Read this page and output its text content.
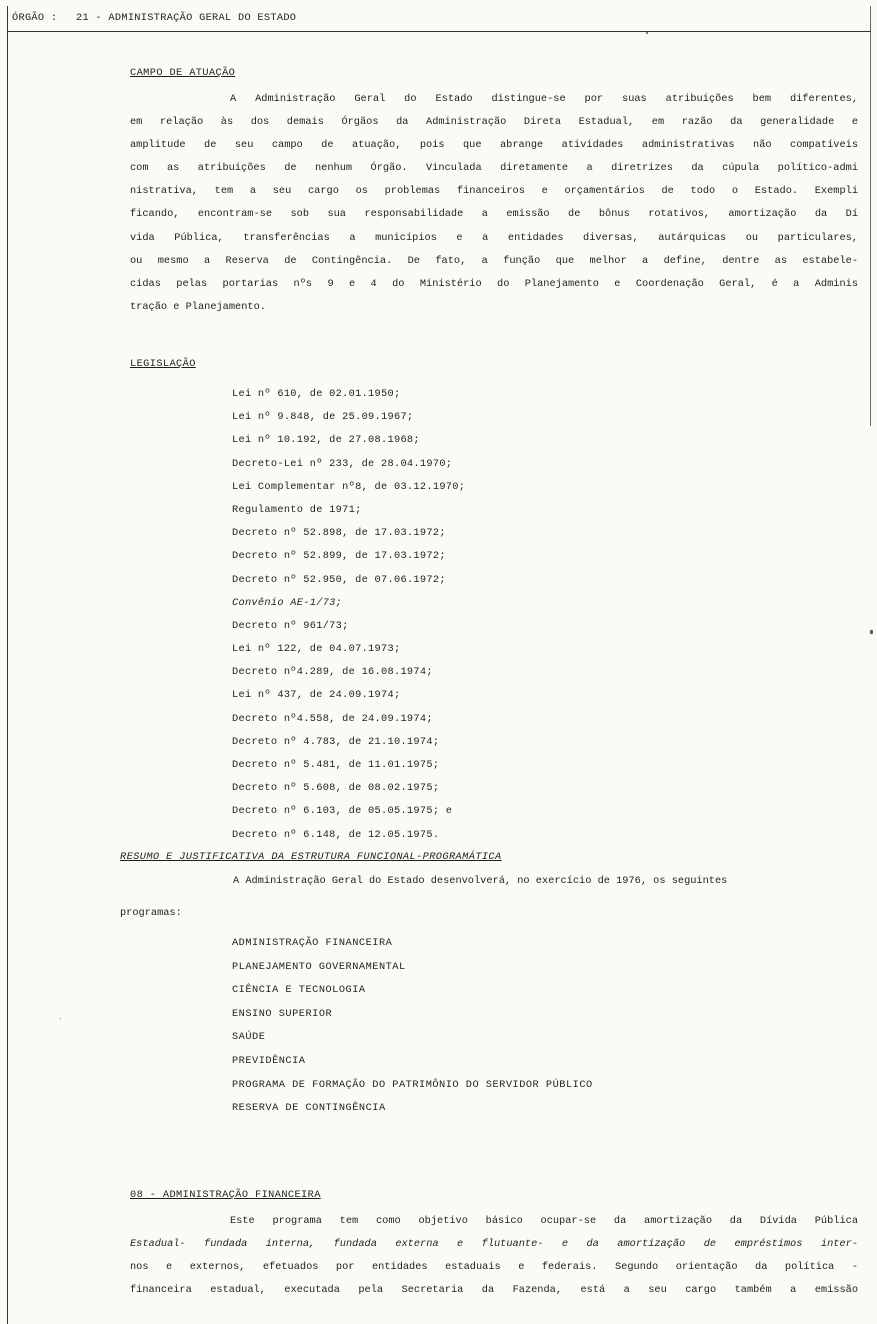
ÓRGÃO : 21 - ADMINISTRAÇÃO GERAL DO ESTADO
CAMPO DE ATUAÇÃO
A Administração Geral do Estado distingue-se por suas atribuições bem diferentes,
em relação às dos demais Órgãos da Administração Direta Estadual, em razão da generalidade e
amplitude de seu campo de atuação, pois que abrange atividades administrativas não compatíveis
com as atribuições de nenhum Órgão. Vinculada diretamente a diretrizes da cúpula político-admi
nistrativa, tem a seu cargo os problemas financeiros e orçamentários de todo o Estado. Exempli
ficando, encontram-se sob sua responsabilidade a emissão de bônus rotativos, amortização da Dí
vida Pública, transferências a municípios e a entidades diversas, autárquicas ou particulares,
ou mesmo a Reserva de Contingência. De fato, a função que melhor a define, dentre as estabele-
cidas pelas portarias nºs 9 e 4 do Ministério do Planejamento e Coordenação Geral, é a Adminis
tração e Planejamento.
LEGISLAÇÃO
Lei nº 610, de 02.01.1950;
Lei nº 9.848, de 25.09.1967;
Lei nº 10.192, de 27.08.1968;
Decreto-Lei nº 233, de 28.04.1970;
Lei Complementar nº8, de 03.12.1970;
Regulamento de 1971;
Decreto nº 52.898, de 17.03.1972;
Decreto nº 52.899, de 17.03.1972;
Decreto nº 52.950, de 07.06.1972;
Convênio AE-1/73;
Decreto nº 961/73;
Lei nº 122, de 04.07.1973;
Decreto nº4.289, de 16.08.1974;
Lei nº 437, de 24.09.1974;
Decreto nº4.558, de 24.09.1974;
Decreto nº 4.783, de 21.10.1974;
Decreto nº 5.481, de 11.01.1975;
Decreto nº 5.608, de 08.02.1975;
Decreto nº 6.103, de 05.05.1975; e
Decreto nº 6.148, de 12.05.1975.
RESUMO E JUSTIFICATIVA DA ESTRUTURA FUNCIONAL-PROGRAMÁTICA
A Administração Geral do Estado desenvolverá, no exercício de 1976, os seguintes
programas:
ADMINISTRAÇÃO FINANCEIRA
PLANEJAMENTO GOVERNAMENTAL
CIÊNCIA E TECNOLOGIA
ENSINO SUPERIOR
SAÚDE
PREVIDÊNCIA
PROGRAMA DE FORMAÇÃO DO PATRIMÔNIO DO SERVIDOR PÚBLICO
RESERVA DE CONTINGÊNCIA
08 - ADMINISTRAÇÃO FINANCEIRA
Este programa tem como objetivo básico ocupar-se da amortização da Dívida Pública
Estadual- fundada interna, fundada externa e flutuante- e da amortização de empréstimos inter-
nos e externos, efetuados por entidades estaduais e federais. Segundo orientação da política -
financeira estadual, executada pela Secretaria da Fazenda, está a seu cargo também a emissão
